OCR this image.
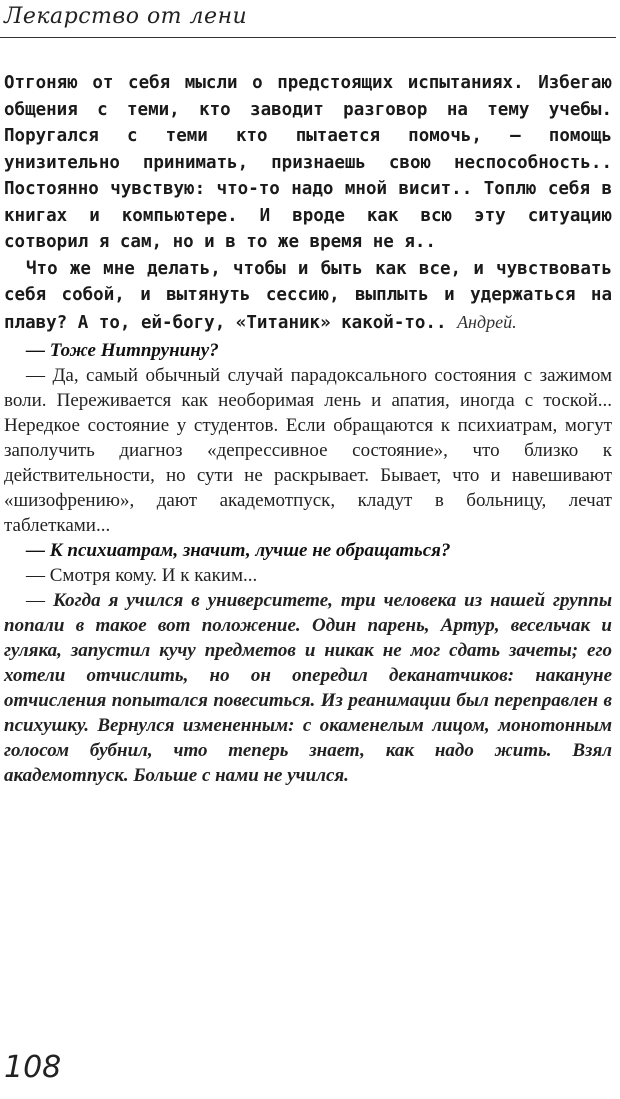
Лекарство от лени

Отгоняю от себя мысли о предстоящих испытаниях. Избегаю общения с теми, кто заводит разговор на тему учебы. Поругался с теми кто пытается помочь, — помощь унизительно принимать, признаешь свою неспособность.. Постоянно чувствую: что-то надо мной висит.. Топлю себя в книгах и компьютере. И вроде как всю эту ситуацию сотворил я сам, но и в то же время не я..

Что же мне делать, чтобы и быть как все, и чувствовать себя собой, и вытянуть сессию, выплыть и удержаться на плаву? А то, ей-богу, «Титаник» какой-то.. Андрей.

— Тоже Нитпрунину?

— Да, самый обычный случай парадоксального состояния с зажимом воли. Переживается как необоримая лень и апатия, иногда с тоской... Нередкое состояние у студентов. Если обращаются к психиатрам, могут заполучить диагноз «депрессивное состояние», что близко к действительности, но сути не раскрывает. Бывает, что и навешивают «шизофрению», дают академотпуск, кладут в больницу, лечат таблетками...

— К психиатрам, значит, лучше не обращаться?

— Смотря кому. И к каким...

— Когда я учился в университете, три человека из нашей группы попали в такое вот положение. Один парень, Артур, весельчак и гуляка, запустил кучу предметов и никак не мог сдать зачеты; его хотели отчислить, но он опередил деканатчиков: накануне отчисления попытался повеситься. Из реанимации был переправлен в психушку. Вернулся измененным: с окаменелым лицом, монотонным голосом бубнил, что теперь знает, как надо жить. Взял академотпуск. Больше с нами не учился.

108
